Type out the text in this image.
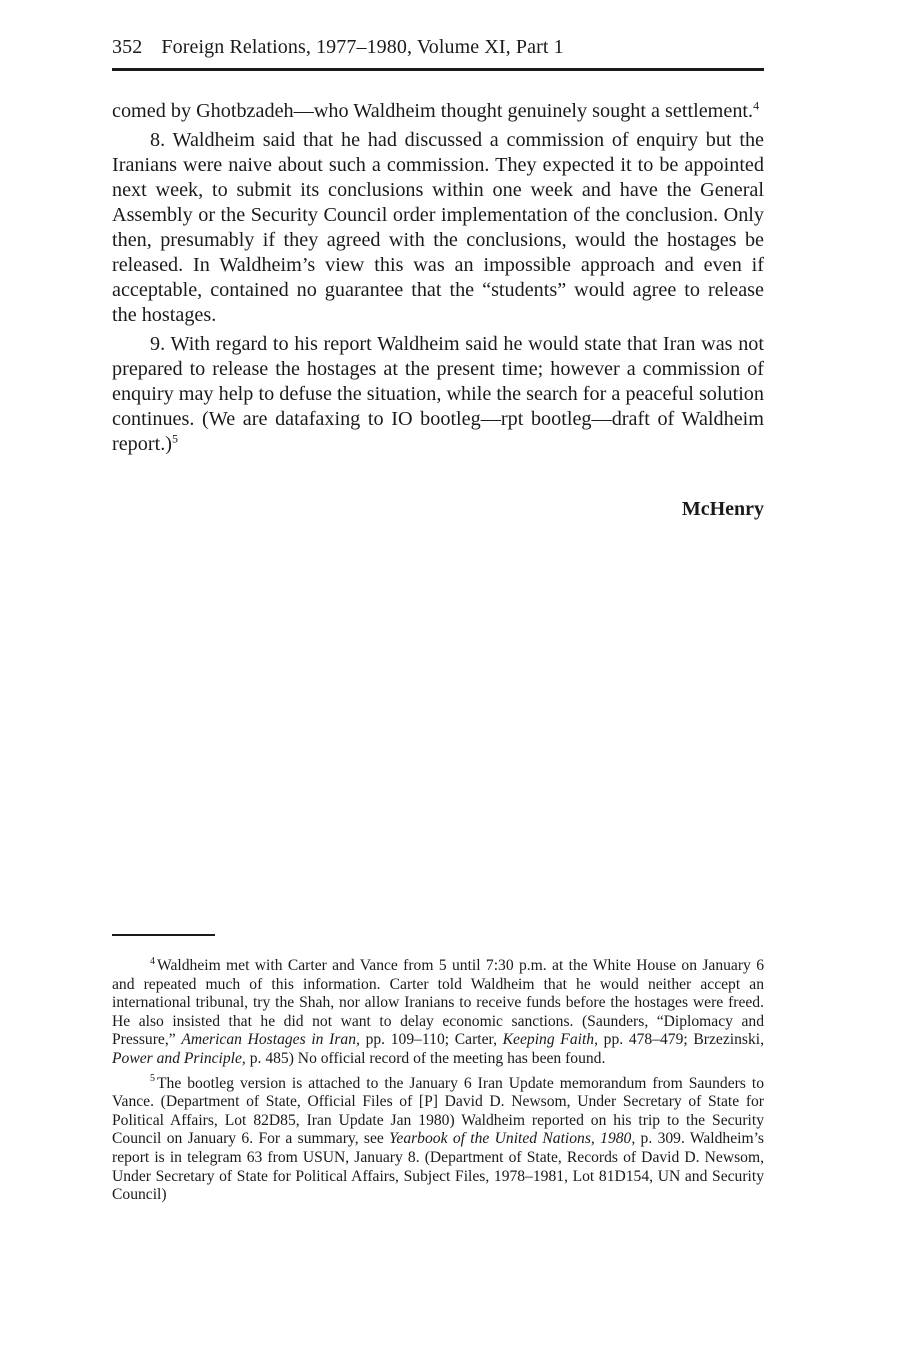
352 Foreign Relations, 1977–1980, Volume XI, Part 1

comed by Ghotbzadeh—who Waldheim thought genuinely sought a settlement.$^4$

8. Waldheim said that he had discussed a commission of enquiry but the Iranians were naive about such a commission. They expected it to be appointed next week, to submit its conclusions within one week and have the General Assembly or the Security Council order implementation of the conclusion. Only then, presumably if they agreed with the conclusions, would the hostages be released. In Waldheim’s view this was an impossible approach and even if acceptable, contained no guarantee that the “students” would agree to release the hostages.

9. With regard to his report Waldheim said he would state that Iran was not prepared to release the hostages at the present time; however a commission of enquiry may help to defuse the situation, while the search for a peaceful solution continues. (We are datafaxing to IO bootleg—rpt bootleg—draft of Waldheim report.)$^5$

McHenry

$^4$ Waldheim met with Carter and Vance from 5 until 7:30 p.m. at the White House on January 6 and repeated much of this information. Carter told Waldheim that he would neither accept an international tribunal, try the Shah, nor allow Iranians to receive funds before the hostages were freed. He also insisted that he did not want to delay economic sanctions. (Saunders, “Diplomacy and Pressure,” American Hostages in Iran, pp. 109–110; Carter, Keeping Faith, pp. 478–479; Brzezinski, Power and Principle, p. 485) No official record of the meeting has been found.

$^5$ The bootleg version is attached to the January 6 Iran Update memorandum from Saunders to Vance. (Department of State, Official Files of [P] David D. Newsom, Under Secretary of State for Political Affairs, Lot 82D85, Iran Update Jan 1980) Waldheim reported on his trip to the Security Council on January 6. For a summary, see Yearbook of the United Nations, 1980, p. 309. Waldheim’s report is in telegram 63 from USUN, January 8. (Department of State, Records of David D. Newsom, Under Secretary of State for Political Affairs, Subject Files, 1978–1981, Lot 81D154, UN and Security Council)
